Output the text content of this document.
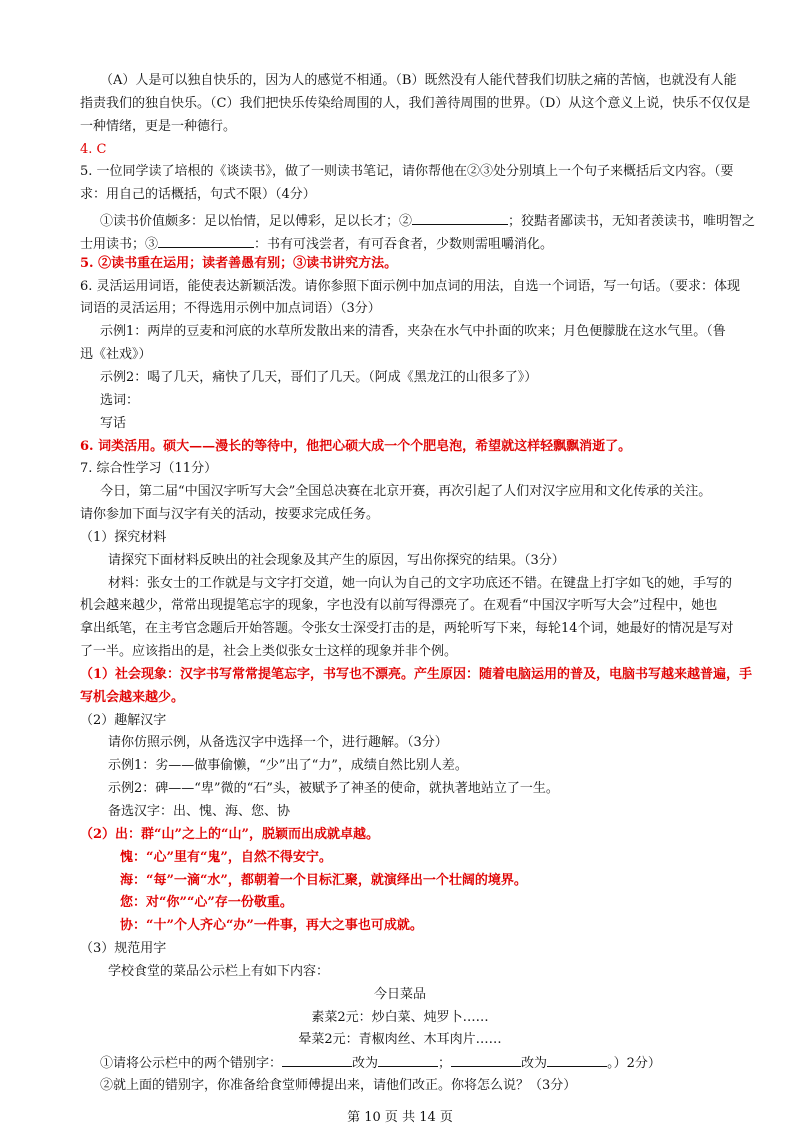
（A）人是可以独自快乐的，因为人的感觉不相通。（B）既然没有人能代替我们切肤之痛的苦恼，也就没有人能
指责我们的独自快乐。（C）我们把快乐传染给周围的人，我们善待周围的世界。（D）从这个意义上说，快乐不仅仅是
一种情绪，更是一种德行。
4. C
5. 一位同学读了培根的《谈读书》，做了一则读书笔记，请你帮他在②③处分别填上一个句子来概括后文内容。（要
求：用自己的话概括，句式不限）（4分）
①读书价值颇多：足以怡情，足以傅彩，足以长才；②	；狡黠者鄙读书，无知者羡读书，唯明智之
士用读书；③	：书有可浅尝者，有可吞食者，少数则需咀嚼消化。
5. ②读书重在运用；读者善愚有别；③读书讲究方法。
6. 灵活运用词语，能使表达新颖活泼。请你参照下面示例中加点词的用法，自选一个词语，写一句话。（要求：体现
词语的灵活运用；不得选用示例中加点词语）（3分）
示例1：两岸的豆麦和河底的水草所发散出来的清香，夹杂在水气中扑面的吹来；月色便朦胧在这水气里。（鲁
迅《社戏》）
示例2：喝了几天，痛快了几天，哥们了几天。（阿成《黑龙江的山很多了》）
选词：
写话
6. 词类活用。硕大——漫长的等待中，他把心硕大成一个个肥皂泡，希望就这样轻飘飘消逝了。
7. 综合性学习（11分）
今日，第二届“中国汉字听写大会”全国总决赛在北京开赛，再次引起了人们对汉字应用和文化传承的关注。
请你参加下面与汉字有关的活动，按要求完成任务。
（1）探究材料
请探究下面材料反映出的社会现象及其产生的原因，写出你探究的结果。（3分）
材料：张女士的工作就是与文字打交道，她一向认为自己的文字功底还不错。在键盘上打字如飞的她，手写的
机会越来越少，常常出现提笔忘字的现象，字也没有以前写得漂亮了。在观看“中国汉字听写大会”过程中，她也
拿出纸笔，在主考官念题后开始答题。令张女士深受打击的是，两轮听写下来，每轮14个词，她最好的情况是写对
了一半。应该指出的是，社会上类似张女士这样的现象并非个例。
（1）社会现象：汉字书写常常提笔忘字，书写也不漂亮。产生原因：随着电脑运用的普及，电脑书写越来越普遍，手
写机会越来越少。
（2）趣解汉字
请你仿照示例，从备选汉字中选择一个，进行趣解。（3分）
示例1：劣——做事偷懒，“少”出了“力”，成绩自然比别人差。
示例2：碑——“卑”微的“石”头，被赋予了神圣的使命，就执著地站立了一生。
备选汉字：出、愧、海、您、协
（2）出：群“山”之上的“山”，脱颖而出成就卓越。
愧：“心”里有“鬼”，自然不得安宁。
海：“每”一滴“水”，都朝着一个目标汇聚，就演绎出一个壮阔的境界。
您：对“你”“心”存一份敬重。
协：“十”个人齐心“办”一件事，再大之事也可成就。
（3）规范用字
学校食堂的菜品公示栏上有如下内容：
今日菜品
素菜2元：炒白菜、炖罗卜……
晕菜2元：青椒肉丝、木耳肉片……
①请将公示栏中的两个错别字：	改为	；	改为	。）2分）
②就上面的错别字，你准备给食堂师傅提出来，请他们改正。你将怎么说？（3分）
第 10 页 共 14 页
